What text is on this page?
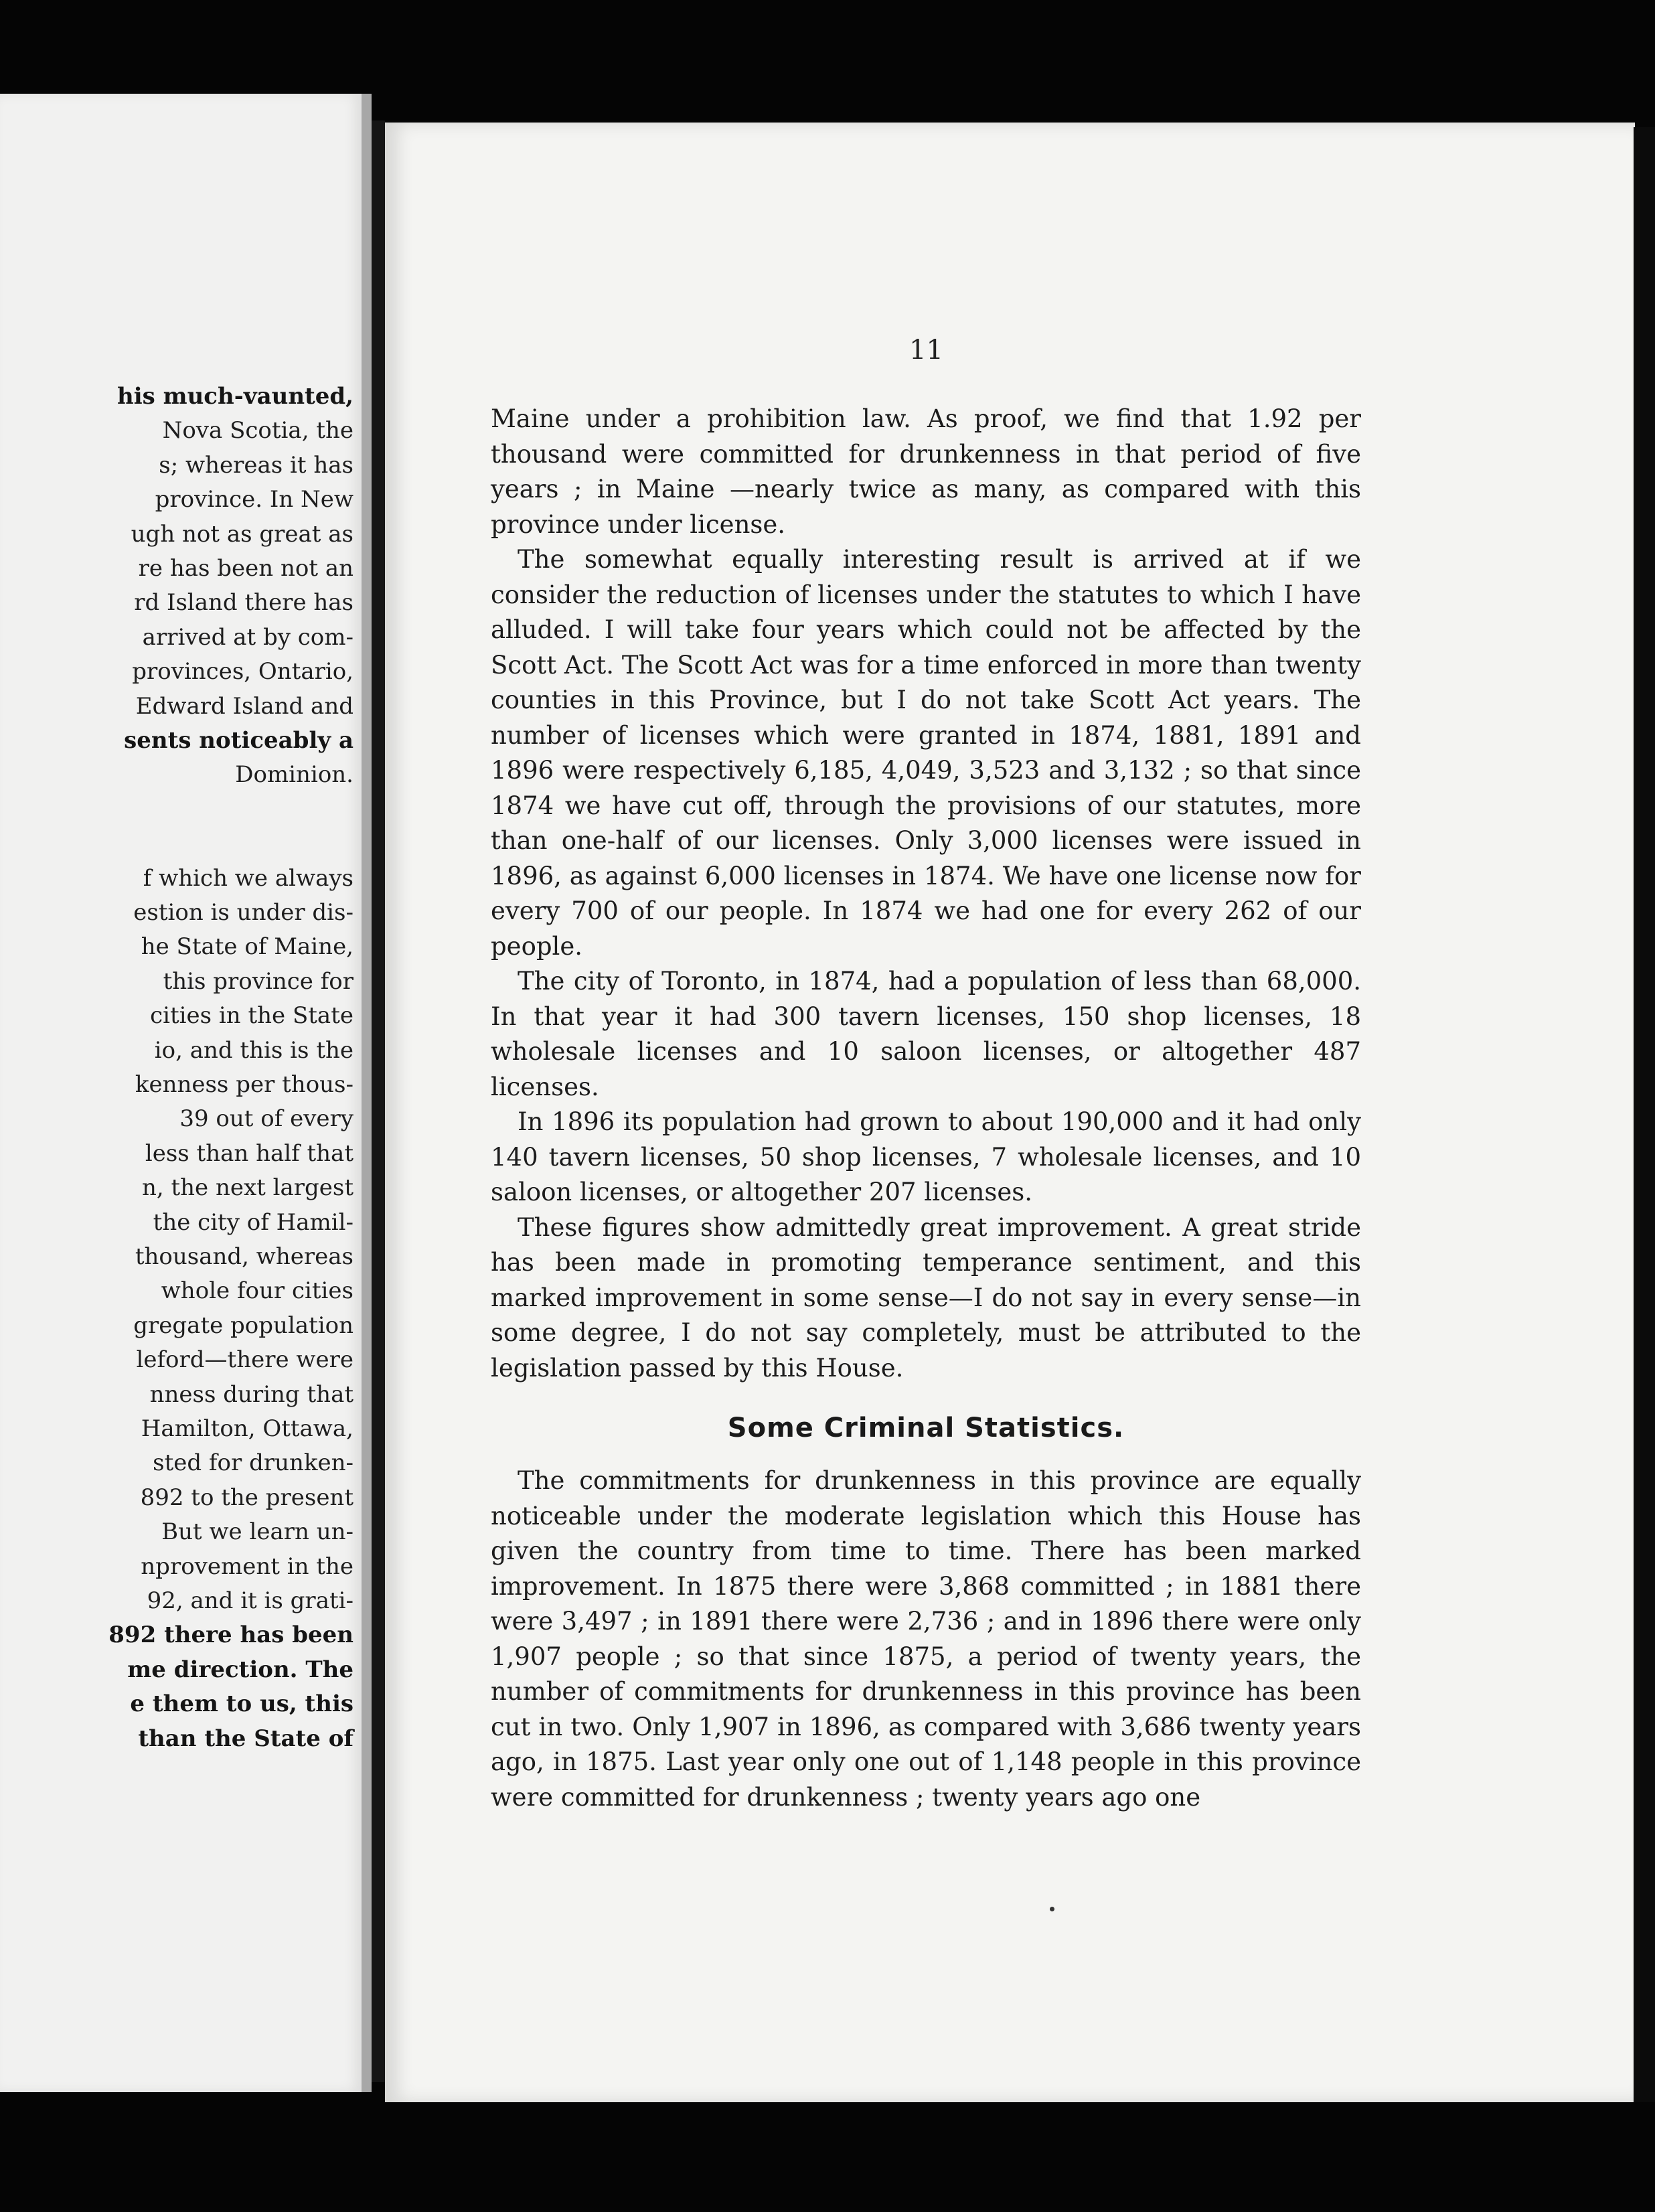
his much-vaunted,

Nova Scotia, the

s; whereas it has

province. In New

ugh not as great as

re has been not an

rd Island there has

arrived at by com-

provinces, Ontario,

Edward Island and

sents noticeably a

Dominion.

f which we always

estion is under dis-

he State of Maine,

this province for

cities in the State

io, and this is the

kenness per thous-

39 out of every

less than half that

n, the next largest

the city of Hamil-

thousand, whereas

whole four cities

gregate population

leford—there were

nness during that

Hamilton, Ottawa,

sted for drunken-

892 to the present

But we learn un-

nprovement in the

92, and it is grati-

892 there has been

me direction. The

e them to us, this

than the State of

11

Maine under a prohibition law. As proof, we find that 1.92 per thousand were committed for drunkenness in that period of five years ; in Maine —nearly twice as many, as compared with this province under license.

The somewhat equally interesting result is arrived at if we consider the reduction of licenses under the statutes to which I have alluded. I will take four years which could not be affected by the Scott Act. The Scott Act was for a time enforced in more than twenty counties in this Province, but I do not take Scott Act years. The number of licenses which were granted in 1874, 1881, 1891 and 1896 were respectively 6,185, 4,049, 3,523 and 3,132 ; so that since 1874 we have cut off, through the provisions of our statutes, more than one-half of our licenses. Only 3,000 licenses were issued in 1896, as against 6,000 licenses in 1874. We have one license now for every 700 of our people. In 1874 we had one for every 262 of our people.

The city of Toronto, in 1874, had a population of less than 68,000. In that year it had 300 tavern licenses, 150 shop licenses, 18 wholesale licenses and 10 saloon licenses, or altogether 487 licenses.

In 1896 its population had grown to about 190,000 and it had only 140 tavern licenses, 50 shop licenses, 7 wholesale licenses, and 10 saloon licenses, or altogether 207 licenses.

These figures show admittedly great improvement. A great stride has been made in promoting temperance sentiment, and this marked improvement in some sense—I do not say in every sense—in some degree, I do not say completely, must be attributed to the legislation passed by this House.

Some Criminal Statistics.

The commitments for drunkenness in this province are equally noticeable under the moderate legislation which this House has given the country from time to time. There has been marked improvement. In 1875 there were 3,868 committed ; in 1881 there were 3,497 ; in 1891 there were 2,736 ; and in 1896 there were only 1,907 people ; so that since 1875, a period of twenty years, the number of commitments for drunkenness in this province has been cut in two. Only 1,907 in 1896, as compared with 3,686 twenty years ago, in 1875. Last year only one out of 1,148 people in this province were committed for drunkenness ; twenty years ago one
